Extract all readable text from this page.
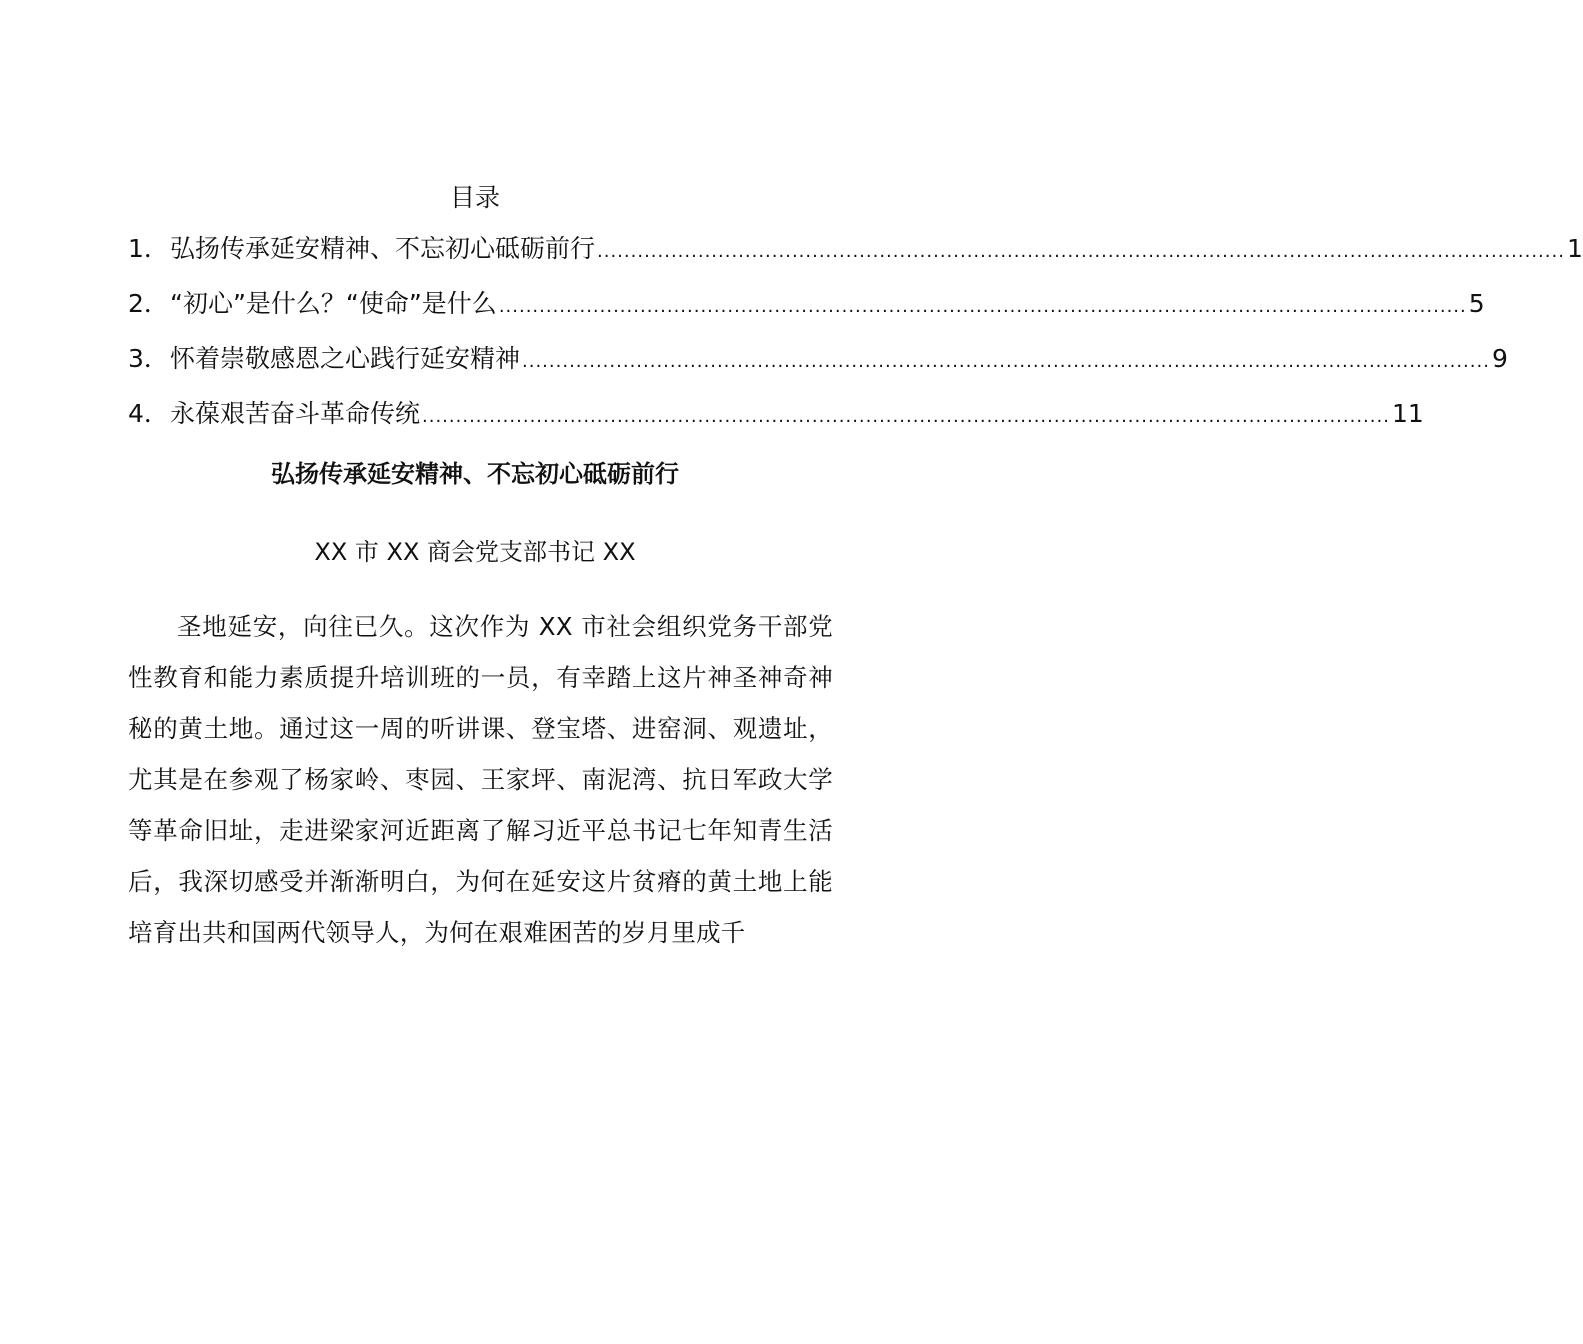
目录
1． 弘扬传承延安精神、不忘初心砥砺前行 ................................................................................................................................................ 1
2． “初心”是什么？“使命”是什么 ................................................................................................................................................ 5
3． 怀着崇敬感恩之心践行延安精神 ................................................................................................................................................ 9
4． 永葆艰苦奋斗革命传统 ................................................................................................................................................ 11
弘扬传承延安精神、不忘初心砥砺前行

XX 市 XX 商会党支部书记 XX

圣地延安，向往已久。这次作为 XX 市社会组织党务干部党性教育和能力素质提升培训班的一员，有幸踏上这片神圣神奇神秘的黄土地。通过这一周的听讲课、登宝塔、进窑洞、观遗址，尤其是在参观了杨家岭、枣园、王家坪、南泥湾、抗日军政大学等革命旧址，走进梁家河近距离了解习近平总书记七年知青生活后，我深切感受并渐渐明白，为何在延安这片贫瘠的黄土地上能培育出共和国两代领导人，为何在艰难困苦的岁月里成千
